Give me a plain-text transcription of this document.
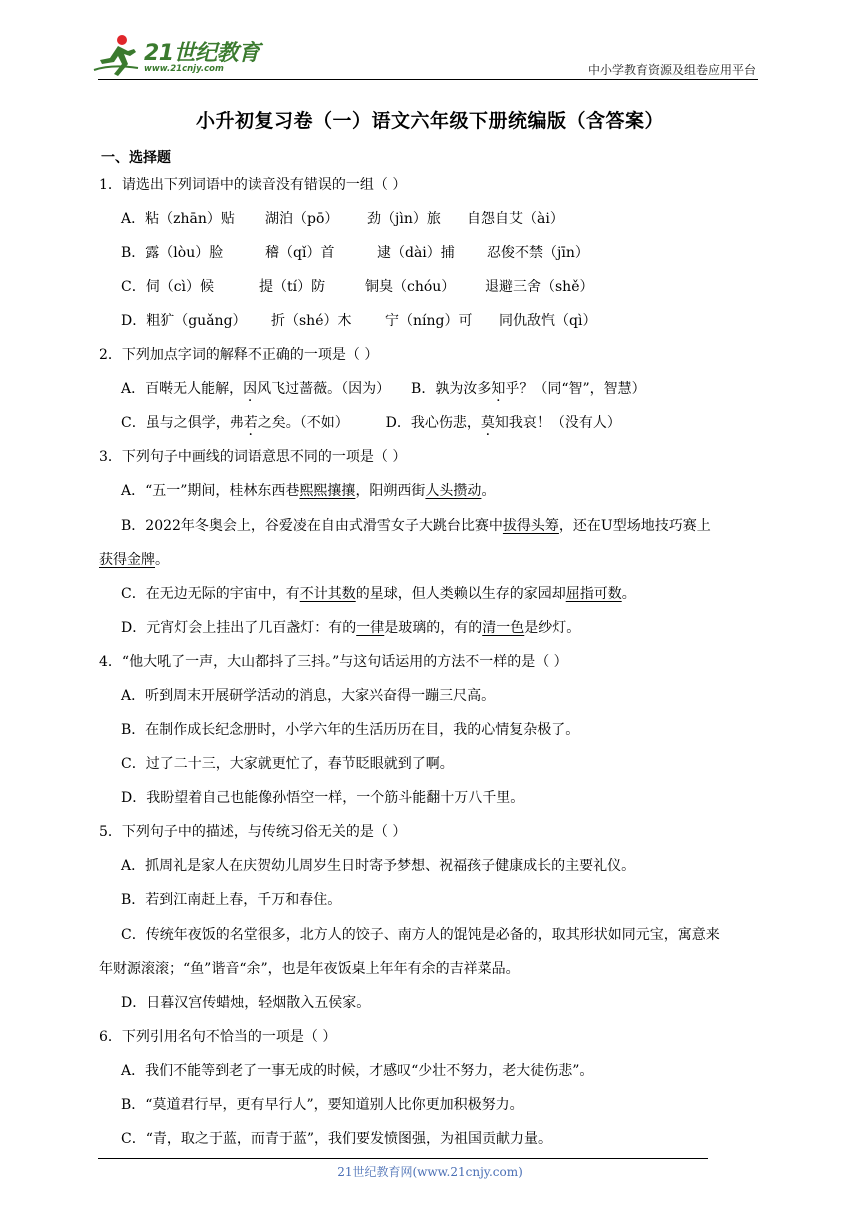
21世纪教育
www.21cnjy.com	中小学教育资源及组卷应用平台
小升初复习卷（一）语文六年级下册统编版（含答案）
一、选择题
1．请选出下列词语中的读音没有错误的一组（ ）
A．粘（zhān）贴	湖泊（pō）	劲（jìn）旅	自怨自艾（ài）
B．露（lòu）脸	稽（qǐ）首	逮（dài）捕	忍俊不禁（jīn）
C．伺（cì）候	提（tí）防	铜臭（chóu）	退避三舍（shě）
D．粗犷（guǎng）	折（shé）木	宁（níng）可	同仇敌忾（qì）
2．下列加点字词的解释不正确的一项是（ ）
A．百啭无人能解，因风飞过蔷薇。（因为） B．孰为汝多知乎？（同“智”，智慧）
C．虽与之俱学，弗若之矣。（不如）	D．我心伤悲，莫知我哀！（没有人）
3．下列句子中画线的词语意思不同的一项是（ ）
A．“五一”期间，桂林东西巷熙熙攘攘，阳朔西街人头攒动。
B．2022年冬奥会上，谷爱凌在自由式滑雪女子大跳台比赛中拔得头筹，还在U型场地技巧赛上
获得金牌。
C．在无边无际的宇宙中，有不计其数的星球，但人类赖以生存的家园却屈指可数。
D．元宵灯会上挂出了几百盏灯：有的一律是玻璃的，有的清一色是纱灯。
4．“他大吼了一声，大山都抖了三抖。”与这句话运用的方法不一样的是（ ）
A．听到周末开展研学活动的消息，大家兴奋得一蹦三尺高。
B．在制作成长纪念册时，小学六年的生活历历在目，我的心情复杂极了。
C．过了二十三，大家就更忙了，春节眨眼就到了啊。
D．我盼望着自己也能像孙悟空一样，一个筋斗能翻十万八千里。
5．下列句子中的描述，与传统习俗无关的是（ ）
A．抓周礼是家人在庆贺幼儿周岁生日时寄予梦想、祝福孩子健康成长的主要礼仪。
B．若到江南赶上春，千万和春住。
C．传统年夜饭的名堂很多，北方人的饺子、南方人的馄饨是必备的，取其形状如同元宝，寓意来
年财源滚滚；“鱼”谐音“余”，也是年夜饭桌上年年有余的吉祥菜品。
D．日暮汉宫传蜡烛，轻烟散入五侯家。
6．下列引用名句不恰当的一项是（ ）
A．我们不能等到老了一事无成的时候，才感叹“少壮不努力，老大徒伤悲”。
B．“莫道君行早，更有早行人”，要知道别人比你更加积极努力。
C．“青，取之于蓝，而青于蓝”，我们要发愤图强，为祖国贡献力量。
21世纪教育网(www.21cnjy.com)
